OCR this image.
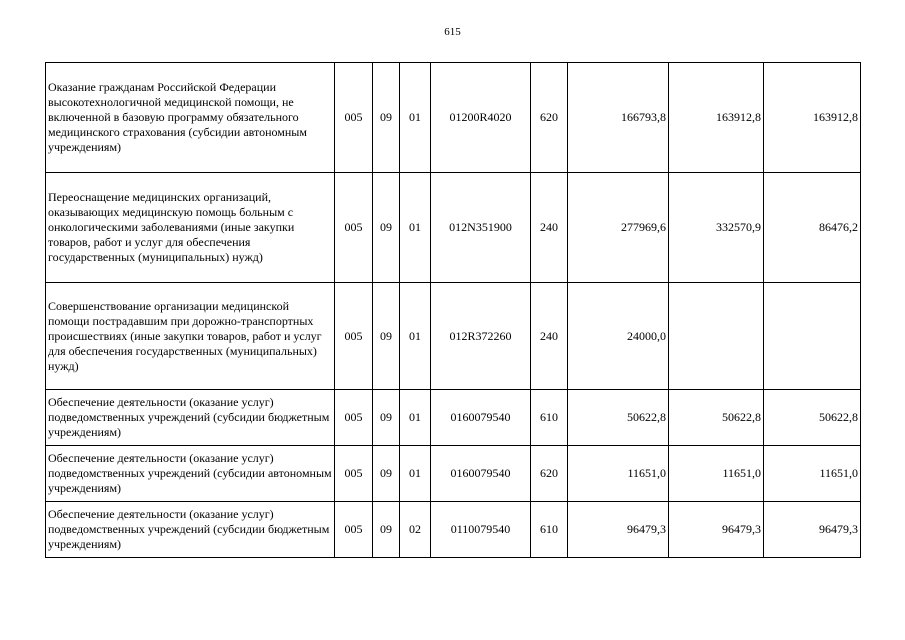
615
Оказание гражданам Российской Федерации высокотехнологичной медицинской помощи, не включенной в базовую программу обязательного медицинского страхования (субсидии автономным учреждениям)	005	09	01	01200R4020	620	166793,8	163912,8	163912,8
Переоснащение медицинских организаций, оказывающих медицинскую помощь больным с онкологическими заболеваниями (иные закупки товаров, работ и услуг для обеспечения государственных (муниципальных) нужд)	005	09	01	012N351900	240	277969,6	332570,9	86476,2
Совершенствование организации медицинской помощи пострадавшим при дорожно-транспортных происшествиях (иные закупки товаров, работ и услуг для обеспечения государственных (муниципальных) нужд)	005	09	01	012R372260	240	24000,0		
Обеспечение деятельности (оказание услуг) подведомственных учреждений (субсидии бюджетным учреждениям)	005	09	01	0160079540	610	50622,8	50622,8	50622,8
Обеспечение деятельности (оказание услуг) подведомственных учреждений (субсидии автономным учреждениям)	005	09	01	0160079540	620	11651,0	11651,0	11651,0
Обеспечение деятельности (оказание услуг) подведомственных учреждений (субсидии бюджетным учреждениям)	005	09	02	0110079540	610	96479,3	96479,3	96479,3
